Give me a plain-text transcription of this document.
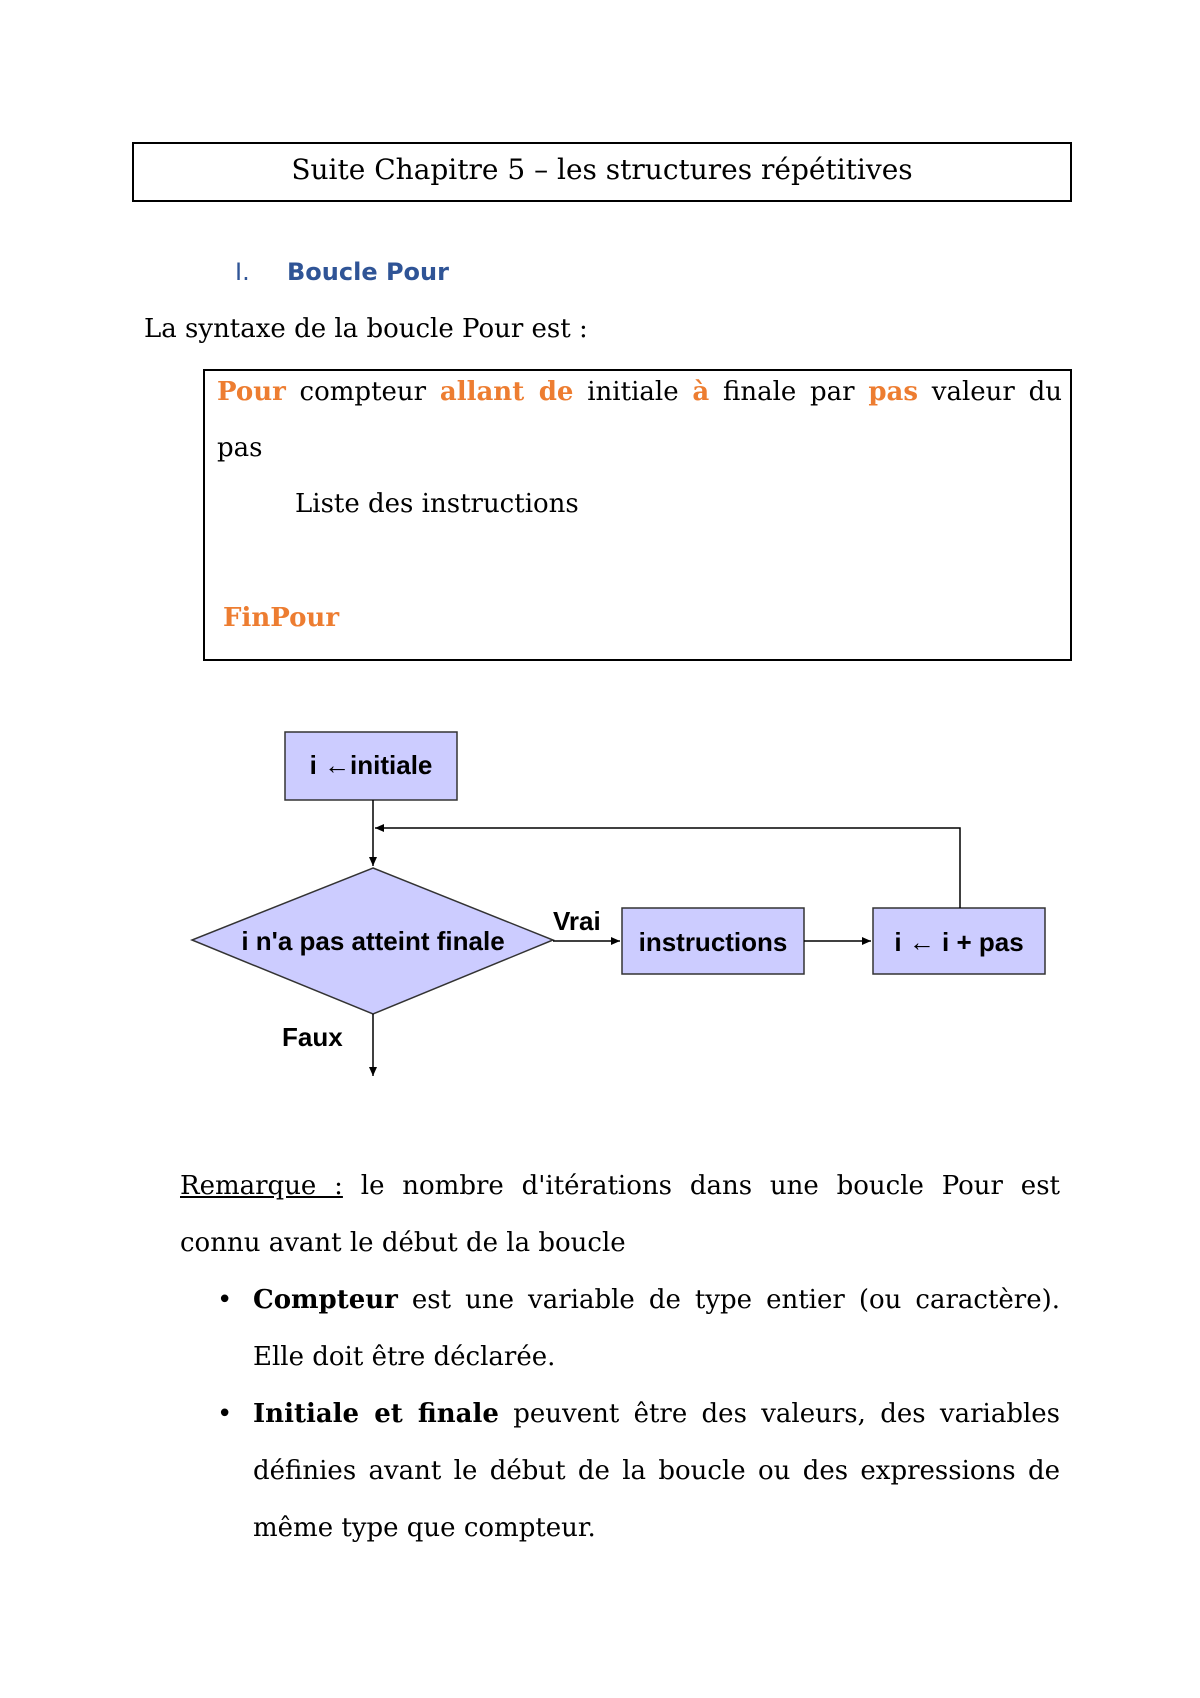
Suite Chapitre 5 – les structures répétitives
I. Boucle Pour
La syntaxe de la boucle Pour est :
Pour compteur allant de initiale à finale par pas valeur du
pas
Liste des instructions
FinPour
i ←initiale
i n'a pas atteint finale
Vrai
instructions	i ← i + pas
Faux
Remarque : le nombre d'itérations dans une boucle Pour est connu avant le début de la boucle
• Compteur est une variable de type entier (ou caractère). Elle doit être déclarée.
• Initiale et finale peuvent être des valeurs, des variables définies avant le début de la boucle ou des expressions de même type que compteur.
